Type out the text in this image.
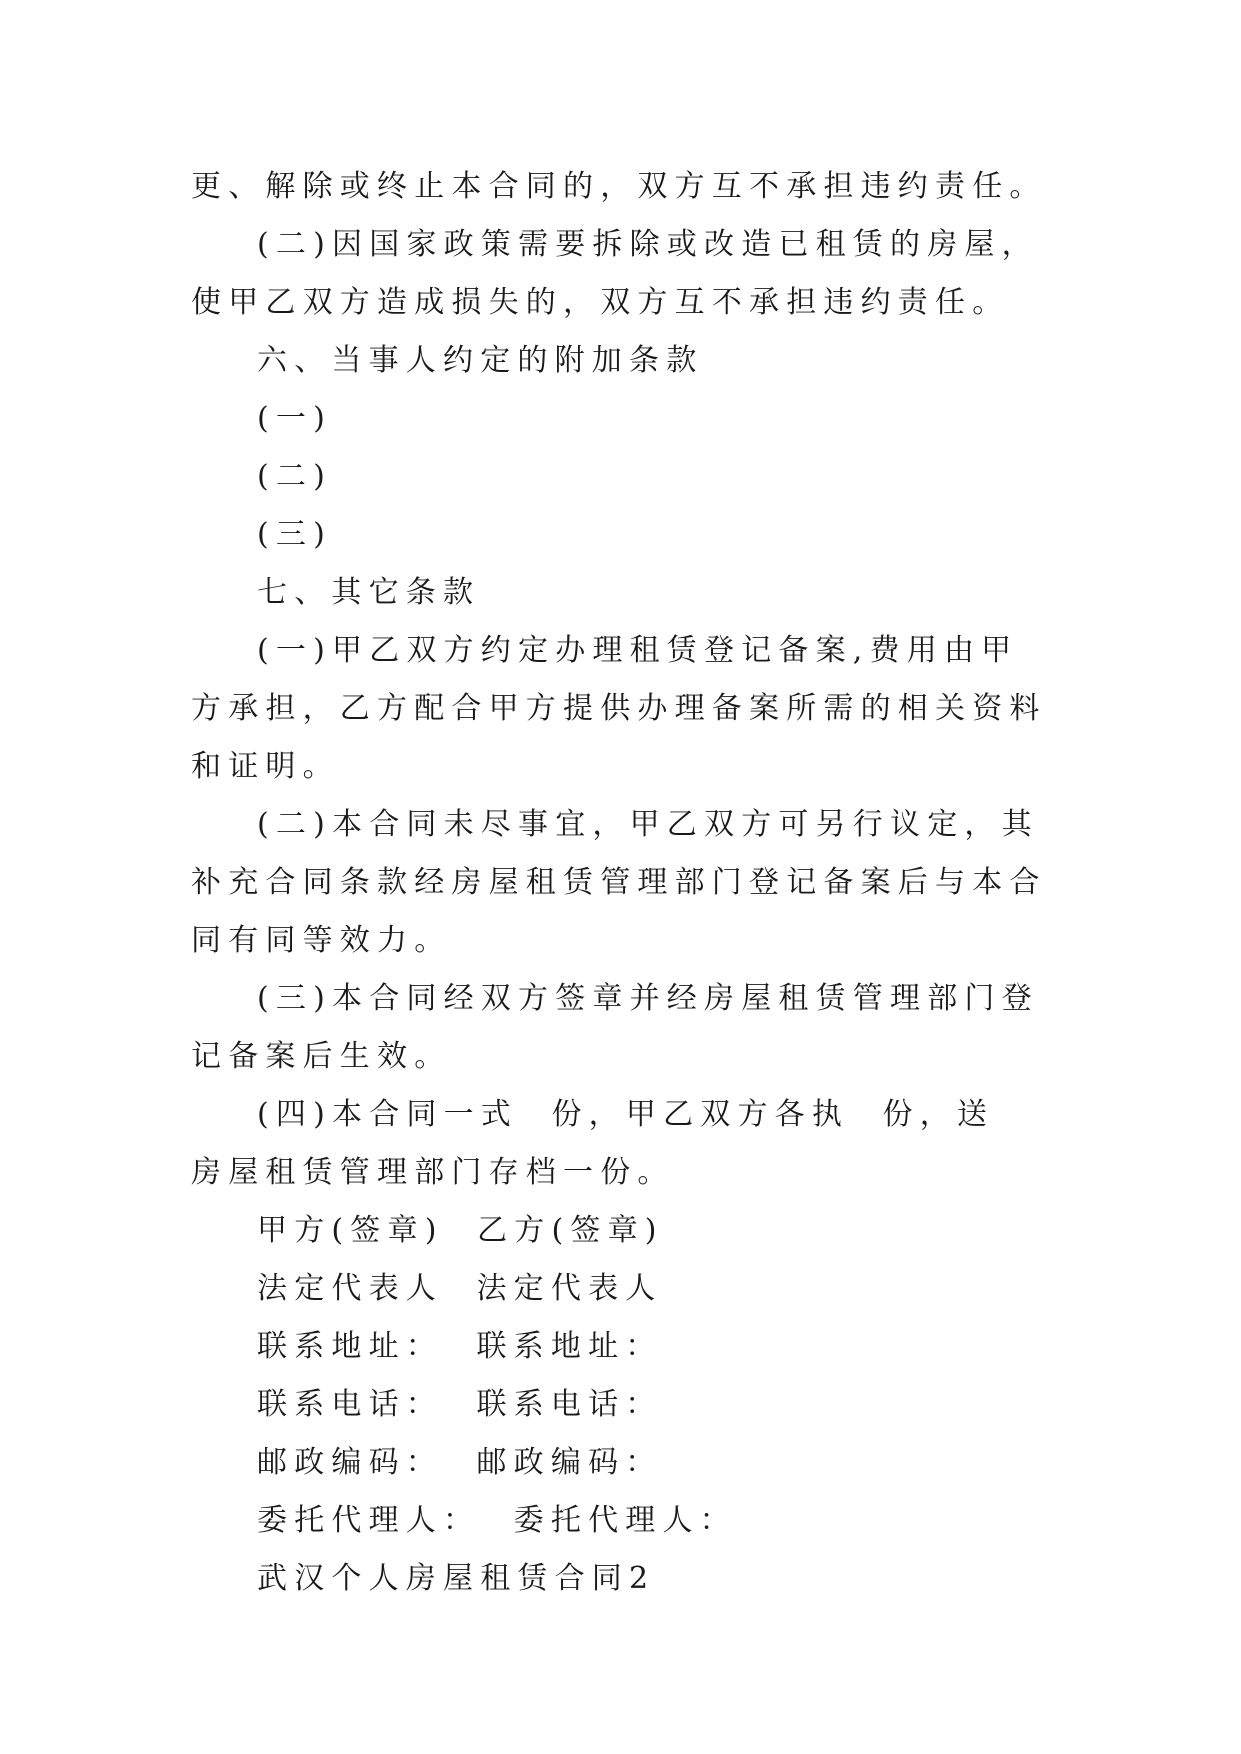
更、解除或终止本合同的，双方互不承担违约责任。

(二)因国家政策需要拆除或改造已租赁的房屋，使甲乙双方造成损失的，双方互不承担违约责任。

六、当事人约定的附加条款

(一)

(二)

(三)

七、其它条款

(一)甲乙双方约定办理租赁登记备案,费用由甲方承担，乙方配合甲方提供办理备案所需的相关资料和证明。

(二)本合同未尽事宜，甲乙双方可另行议定，其补充合同条款经房屋租赁管理部门登记备案后与本合同有同等效力。

(三)本合同经双方签章并经房屋租赁管理部门登记备案后生效。

(四)本合同一式  份，甲乙双方各执  份，送  房屋租赁管理部门存档一份。

甲方(签章)  乙方(签章)

法定代表人  法定代表人

联系地址：  联系地址：

联系电话：  联系电话：

邮政编码：  邮政编码：

委托代理人：  委托代理人：

武汉个人房屋租赁合同2
